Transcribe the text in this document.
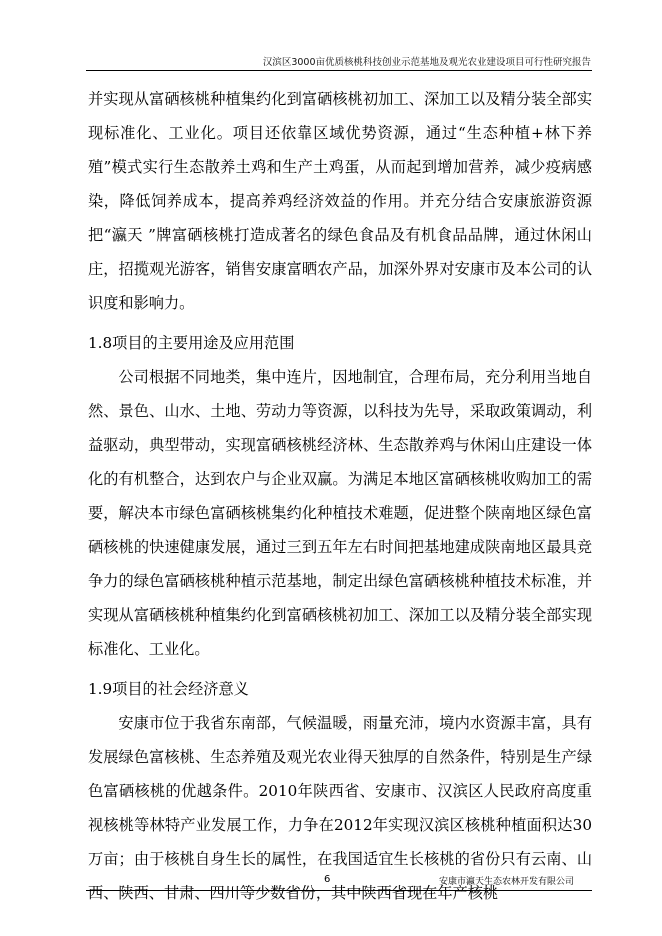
汉滨区3000亩优质核桃科技创业示范基地及观光农业建设项目可行性研究报告

并实现从富硒核桃种植集约化到富硒核桃初加工、深加工以及精分装全部实现标准化、工业化。项目还依靠区域优势资源，通过“生态种植+林下养殖”模式实行生态散养土鸡和生产土鸡蛋，从而起到增加营养，减少疫病感染，降低饲养成本，提高养鸡经济效益的作用。并充分结合安康旅游资源把“瀛天 ”牌富硒核桃打造成著名的绿色食品及有机食品品牌，通过休闲山庄，招揽观光游客，销售安康富晒农产品，加深外界对安康市及本公司的认识度和影响力。

1.8项目的主要用途及应用范围

公司根据不同地类，集中连片，因地制宜，合理布局，充分利用当地自然、景色、山水、土地、劳动力等资源，以科技为先导，采取政策调动，利益驱动，典型带动，实现富硒核桃经济林、生态散养鸡与休闲山庄建设一体化的有机整合，达到农户与企业双赢。为满足本地区富硒核桃收购加工的需要，解决本市绿色富硒核桃集约化种植技术难题，促进整个陕南地区绿色富硒核桃的快速健康发展，通过三到五年左右时间把基地建成陕南地区最具竞争力的绿色富硒核桃种植示范基地，制定出绿色富硒核桃种植技术标准，并实现从富硒核桃种植集约化到富硒核桃初加工、深加工以及精分装全部实现标准化、工业化。

1.9项目的社会经济意义

安康市位于我省东南部，气候温暖，雨量充沛，境内水资源丰富，具有发展绿色富核桃、生态养殖及观光农业得天独厚的自然条件，特别是生产绿色富硒核桃的优越条件。2010年陕西省、安康市、汉滨区人民政府高度重视核桃等林特产业发展工作，力争在2012年实现汉滨区核桃种植面积达30万亩；由于核桃自身生长的属性，在我国适宜生长核桃的省份只有云南、山西、陕西、甘肃、四川等少数省份，其中陕西省现在年产核桃

6	安康市瀛天生态农林开发有限公司
